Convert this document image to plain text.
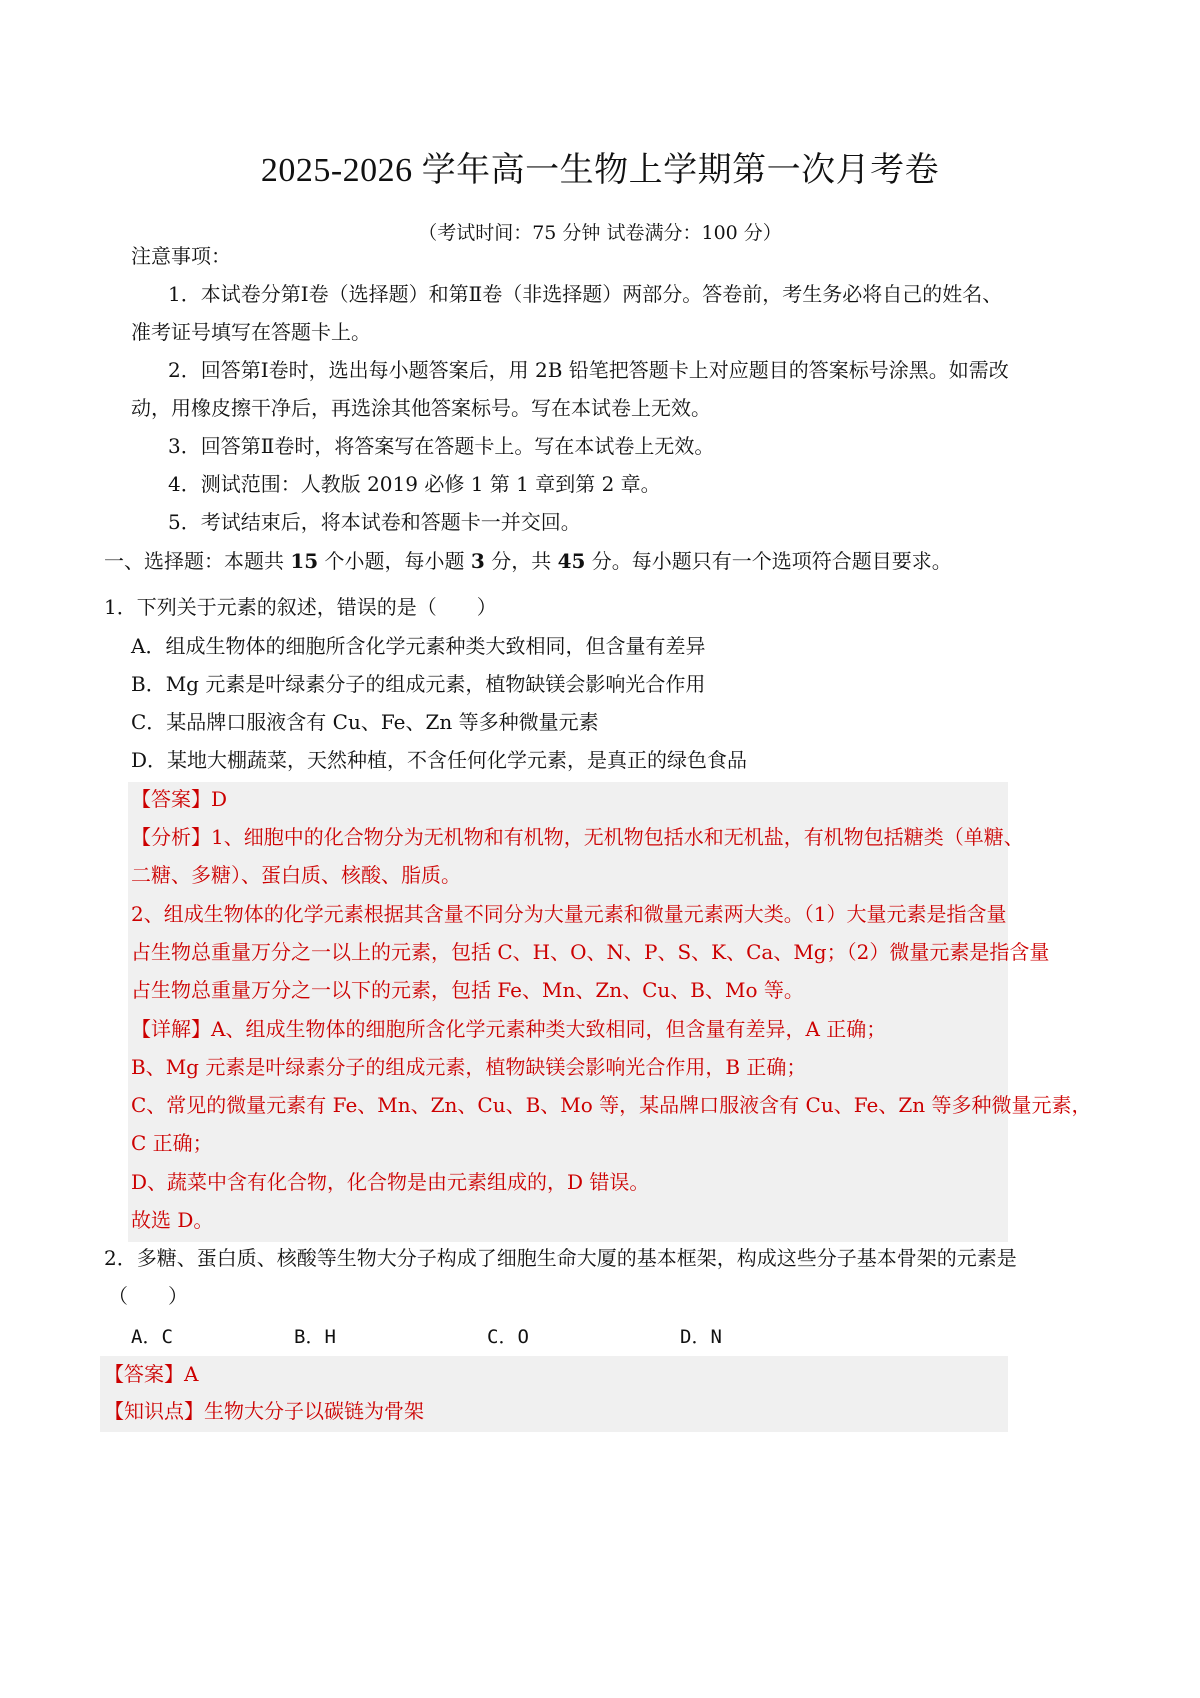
2025-2026 学年高一生物上学期第一次月考卷
（考试时间：75 分钟 试卷满分：100 分）
注意事项：
1．本试卷分第Ⅰ卷（选择题）和第Ⅱ卷（非选择题）两部分。答卷前，考生务必将自己的姓名、
准考证号填写在答题卡上。
2．回答第Ⅰ卷时，选出每小题答案后，用 2B 铅笔把答题卡上对应题目的答案标号涂黑。如需改
动，用橡皮擦干净后，再选涂其他答案标号。写在本试卷上无效。
3．回答第Ⅱ卷时，将答案写在答题卡上。写在本试卷上无效。
4．测试范围：人教版 2019 必修 1 第 1 章到第 2 章。
5．考试结束后，将本试卷和答题卡一并交回。
一、选择题：本题共 15 个小题，每小题 3 分，共 45 分。每小题只有一个选项符合题目要求。
1．下列关于元素的叙述，错误的是（　　）
A．组成生物体的细胞所含化学元素种类大致相同，但含量有差异
B．Mg 元素是叶绿素分子的组成元素，植物缺镁会影响光合作用
C．某品牌口服液含有 Cu、Fe、Zn 等多种微量元素
D．某地大棚蔬菜，天然种植，不含任何化学元素，是真正的绿色食品
【答案】D
【分析】1、细胞中的化合物分为无机物和有机物，无机物包括水和无机盐，有机物包括糖类（单糖、
二糖、多糖）、蛋白质、核酸、脂质。
2、组成生物体的化学元素根据其含量不同分为大量元素和微量元素两大类。（1）大量元素是指含量
占生物总重量万分之一以上的元素，包括 C、H、O、N、P、S、K、Ca、Mg；（2）微量元素是指含量
占生物总重量万分之一以下的元素，包括 Fe、Mn、Zn、Cu、B、Mo 等。
【详解】A、组成生物体的细胞所含化学元素种类大致相同，但含量有差异，A 正确；
B、Mg 元素是叶绿素分子的组成元素，植物缺镁会影响光合作用，B 正确；
C、常见的微量元素有 Fe、Mn、Zn、Cu、B、Mo 等，某品牌口服液含有 Cu、Fe、Zn 等多种微量元素，
C 正确；
D、蔬菜中含有化合物，化合物是由元素组成的，D 错误。
故选 D。
2．多糖、蛋白质、核酸等生物大分子构成了细胞生命大厦的基本框架，构成这些分子基本骨架的元素是
（　　）
A．C	B．H	C．O	D．N
【答案】A
【知识点】生物大分子以碳链为骨架
